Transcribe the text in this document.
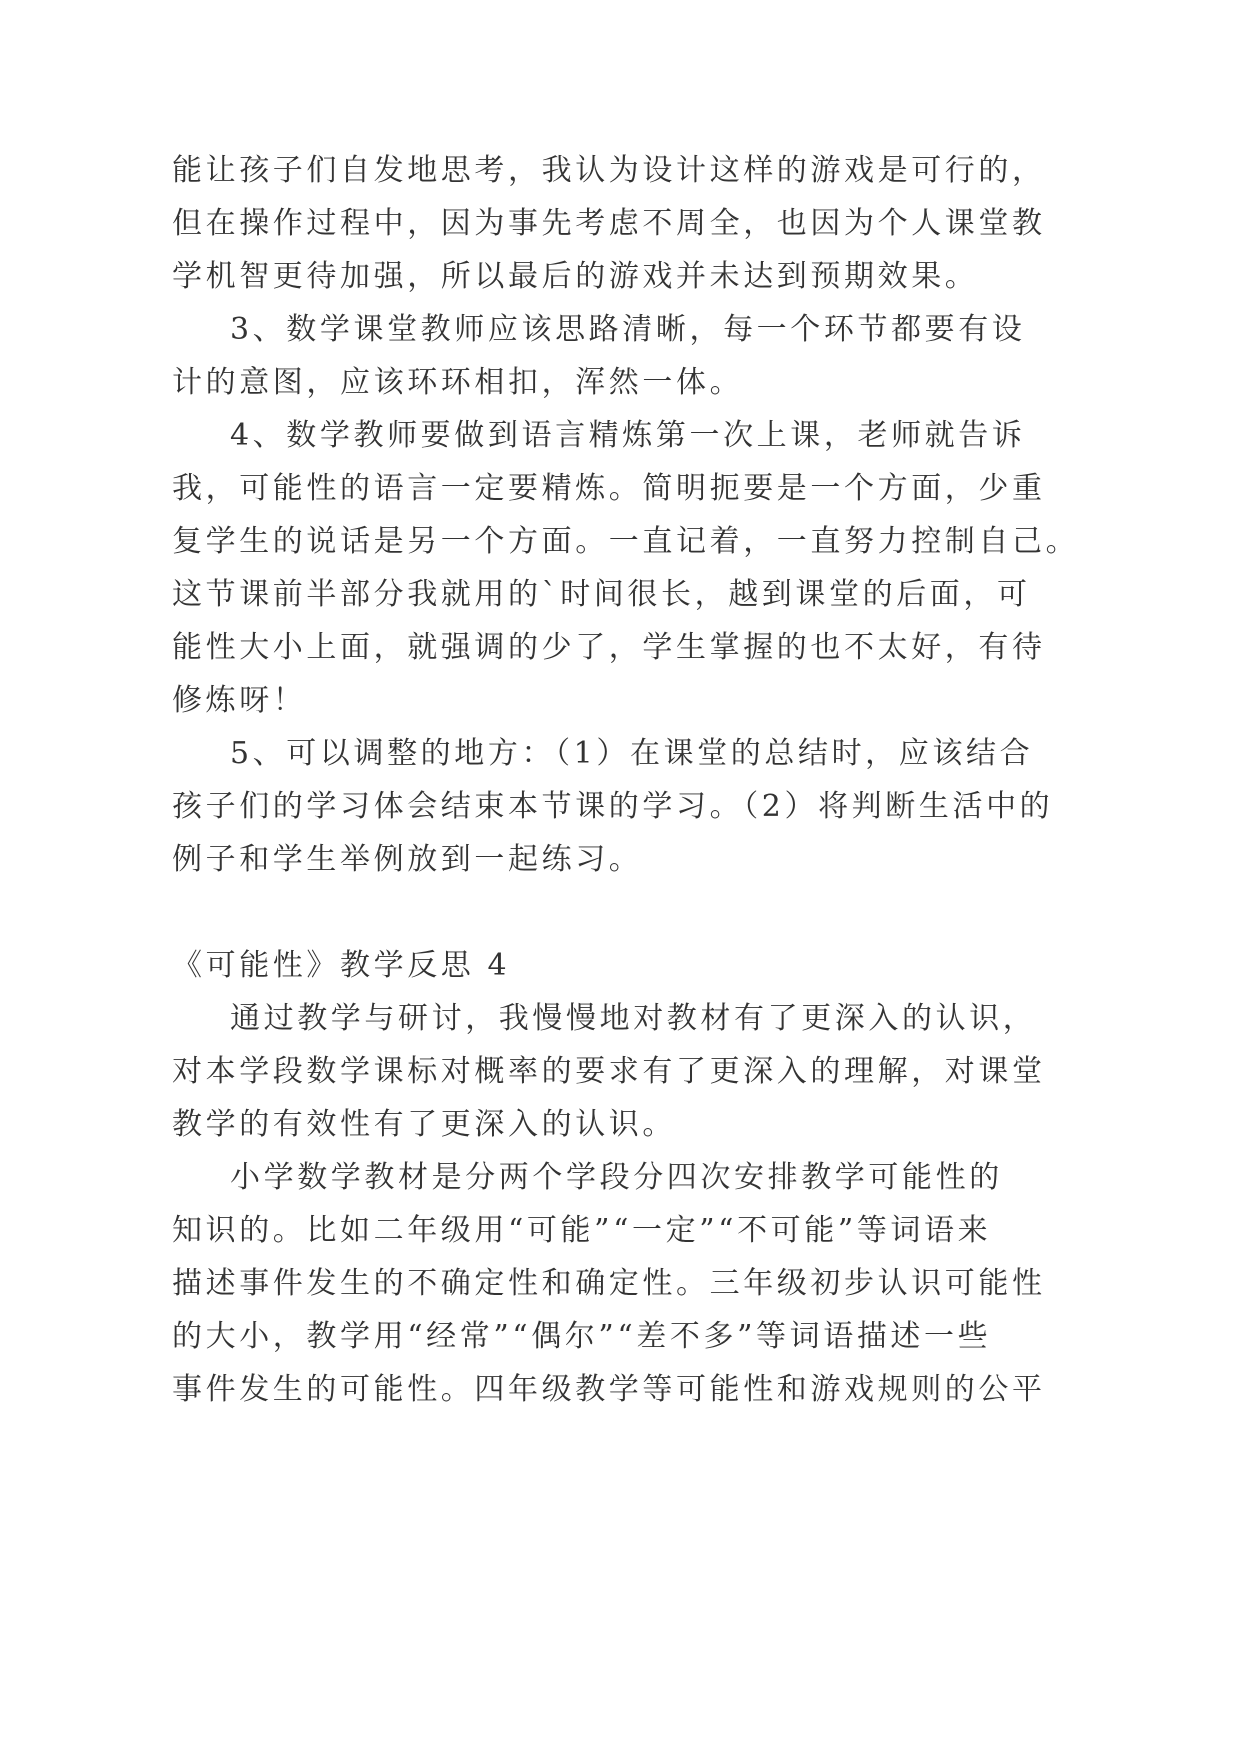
能让孩子们自发地思考，我认为设计这样的游戏是可行的，
但在操作过程中，因为事先考虑不周全，也因为个人课堂教
学机智更待加强，所以最后的游戏并未达到预期效果。
3、数学课堂教师应该思路清晰，每一个环节都要有设
计的意图，应该环环相扣，浑然一体。
4、数学教师要做到语言精炼第一次上课，老师就告诉
我，可能性的语言一定要精炼。简明扼要是一个方面，少重
复学生的说话是另一个方面。一直记着，一直努力控制自己。
这节课前半部分我就用的`时间很长，越到课堂的后面，可
能性大小上面，就强调的少了，学生掌握的也不太好，有待
修炼呀！
5、可以调整的地方：（1）在课堂的总结时，应该结合
孩子们的学习体会结束本节课的学习。（2）将判断生活中的
例子和学生举例放到一起练习。
《可能性》教学反思 4
通过教学与研讨，我慢慢地对教材有了更深入的认识，
对本学段数学课标对概率的要求有了更深入的理解，对课堂
教学的有效性有了更深入的认识。
小学数学教材是分两个学段分四次安排教学可能性的
知识的。比如二年级用“可能”“一定”“不可能”等词语来
描述事件发生的不确定性和确定性。三年级初步认识可能性
的大小，教学用“经常”“偶尔”“差不多”等词语描述一些
事件发生的可能性。四年级教学等可能性和游戏规则的公平
